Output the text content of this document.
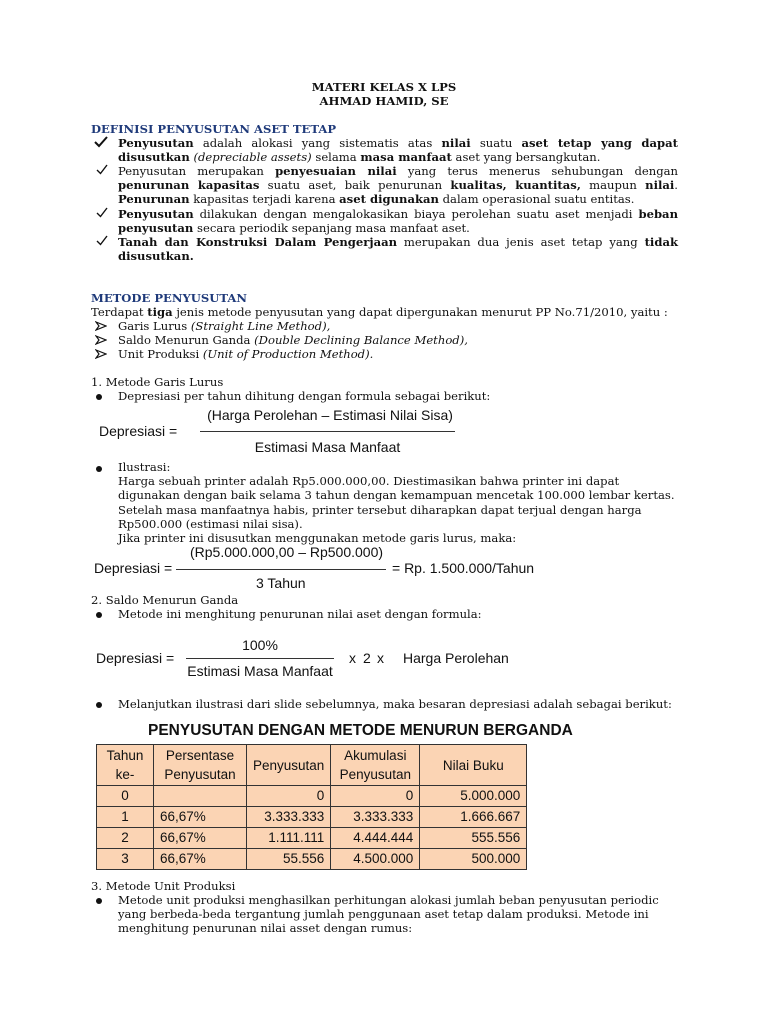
MATERI KELAS X LPS
AHMAD HAMID, SE
DEFINISI PENYUSUTAN ASET TETAP
Penyusutan adalah alokasi yang sistematis atas nilai suatu aset tetap yang dapat disusutkan (depreciable assets) selama masa manfaat aset yang bersangkutan.
Penyusutan merupakan penyesuaian nilai yang terus menerus sehubungan dengan penurunan kapasitas suatu aset, baik penurunan kualitas, kuantitas, maupun nilai. Penurunan kapasitas terjadi karena aset digunakan dalam operasional suatu entitas.
Penyusutan dilakukan dengan mengalokasikan biaya perolehan suatu aset menjadi beban penyusutan secara periodik sepanjang masa manfaat aset.
Tanah dan Konstruksi Dalam Pengerjaan merupakan dua jenis aset tetap yang tidak disusutkan.
METODE PENYUSUTAN
Terdapat tiga jenis metode penyusutan yang dapat dipergunakan menurut PP No.71/2010, yaitu :
Garis Lurus (Straight Line Method),
Saldo Menurun Ganda (Double Declining Balance Method),
Unit Produksi (Unit of Production Method).
1. Metode Garis Lurus
Depresiasi per tahun dihitung dengan formula sebagai berikut:
Depresiasi =
(Harga Perolehan – Estimasi Nilai Sisa)
Estimasi Masa Manfaat
Ilustrasi:
Harga sebuah printer adalah Rp5.000.000,00. Diestimasikan bahwa printer ini dapat
digunakan dengan baik selama 3 tahun dengan kemampuan mencetak 100.000 lembar kertas.
Setelah masa manfaatnya habis, printer tersebut diharapkan dapat terjual dengan harga
Rp500.000 (estimasi nilai sisa).
Jika printer ini disusutkan menggunakan metode garis lurus, maka:
Depresiasi =
(Rp5.000.000,00 – Rp500.000)
3 Tahun
= Rp. 1.500.000/Tahun
2. Saldo Menurun Ganda
Metode ini menghitung penurunan nilai aset dengan formula:
Depresiasi =
100%
Estimasi Masa Manfaat
x 2 x Harga Perolehan
Melanjutkan ilustrasi dari slide sebelumnya, maka besaran depresiasi adalah sebagai berikut:
PENYUSUTAN DENGAN METODE MENURUN BERGANDA
Tahun ke-	Persentase Penyusutan	Penyusutan	Akumulasi Penyusutan	Nilai Buku
0		0	0	5.000.000
1	66,67%	3.333.333	3.333.333	1.666.667
2	66,67%	1.111.111	4.444.444	555.556
3	66,67%	55.556	4.500.000	500.000
3. Metode Unit Produksi
Metode unit produksi menghasilkan perhitungan alokasi jumlah beban penyusutan periodic
yang berbeda-beda tergantung jumlah penggunaan aset tetap dalam produksi. Metode ini
menghitung penurunan nilai asset dengan rumus:
